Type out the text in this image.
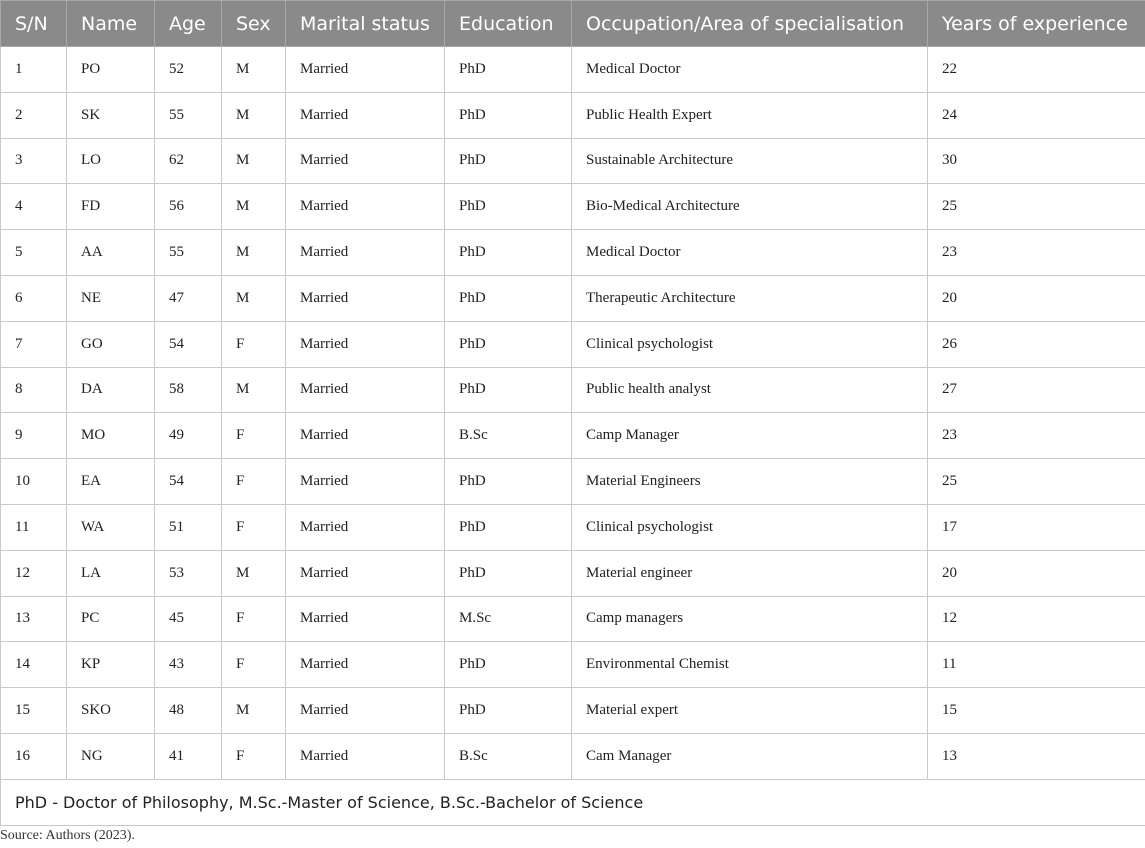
S/N	Name	Age	Sex	Marital status	Education	Occupation/Area of specialisation	Years of experience
1	PO	52	M	Married	PhD	Medical Doctor	22
2	SK	55	M	Married	PhD	Public Health Expert	24
3	LO	62	M	Married	PhD	Sustainable Architecture	30
4	FD	56	M	Married	PhD	Bio-Medical Architecture	25
5	AA	55	M	Married	PhD	Medical Doctor	23
6	NE	47	M	Married	PhD	Therapeutic Architecture	20
7	GO	54	F	Married	PhD	Clinical psychologist	26
8	DA	58	M	Married	PhD	Public health analyst	27
9	MO	49	F	Married	B.Sc	Camp Manager	23
10	EA	54	F	Married	PhD	Material Engineers	25
11	WA	51	F	Married	PhD	Clinical psychologist	17
12	LA	53	M	Married	PhD	Material engineer	20
13	PC	45	F	Married	M.Sc	Camp managers	12
14	KP	43	F	Married	PhD	Environmental Chemist	11
15	SKO	48	M	Married	PhD	Material expert	15
16	NG	41	F	Married	B.Sc	Cam Manager	13
PhD - Doctor of Philosophy, M.Sc.-Master of Science, B.Sc.-Bachelor of Science							

Source: Authors (2023).
